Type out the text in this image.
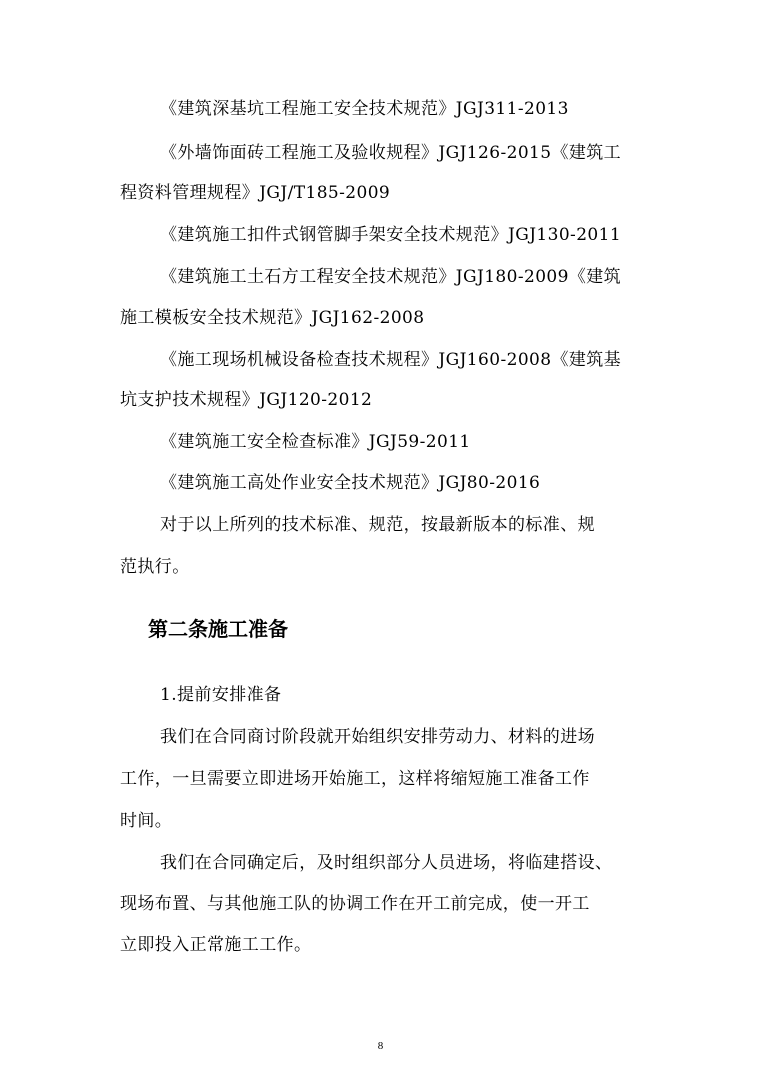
《建筑深基坑工程施工安全技术规范》JGJ311-2013
《外墙饰面砖工程施工及验收规程》JGJ126-2015《建筑工
程资料管理规程》JGJ/T185-2009
《建筑施工扣件式钢管脚手架安全技术规范》JGJ130-2011
《建筑施工土石方工程安全技术规范》JGJ180-2009《建筑
施工模板安全技术规范》JGJ162-2008
《施工现场机械设备检查技术规程》JGJ160-2008《建筑基
坑支护技术规程》JGJ120-2012
《建筑施工安全检查标准》JGJ59-2011
《建筑施工高处作业安全技术规范》JGJ80-2016
对于以上所列的技术标准、规范，按最新版本的标准、规
范执行。
第二条施工准备
1.提前安排准备
我们在合同商讨阶段就开始组织安排劳动力、材料的进场
工作，一旦需要立即进场开始施工，这样将缩短施工准备工作
时间。
我们在合同确定后，及时组织部分人员进场，将临建搭设、
现场布置、与其他施工队的协调工作在开工前完成，使一开工
立即投入正常施工工作。
8
